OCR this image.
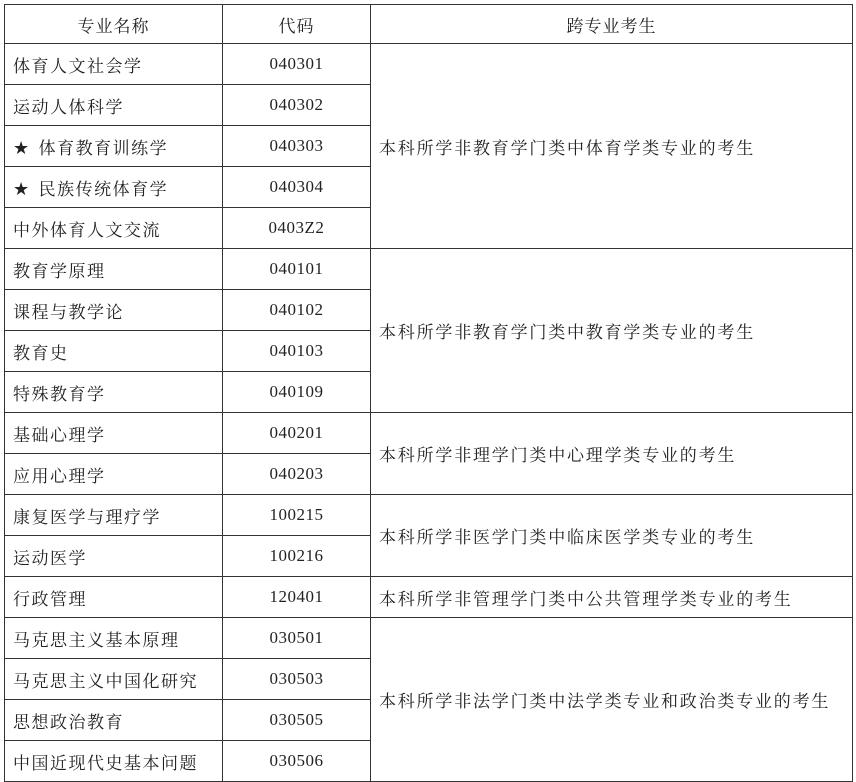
专业名称	代码	跨专业考生
体育人文社会学	040301	本科所学非教育学门类中体育学类专业的考生
运动人体科学	040302	
★ 体育教育训练学	040303	
★ 民族传统体育学	040304	
中外体育人文交流	0403Z2	
教育学原理	040101	本科所学非教育学门类中教育学类专业的考生
课程与教学论	040102	
教育史	040103	
特殊教育学	040109	
基础心理学	040201	本科所学非理学门类中心理学类专业的考生
应用心理学	040203	
康复医学与理疗学	100215	本科所学非医学门类中临床医学类专业的考生
运动医学	100216	
行政管理	120401	本科所学非管理学门类中公共管理学类专业的考生
马克思主义基本原理	030501	本科所学非法学门类中法学类专业和政治类专业的考生
马克思主义中国化研究	030503	
思想政治教育	030505	
中国近现代史基本问题	030506	
